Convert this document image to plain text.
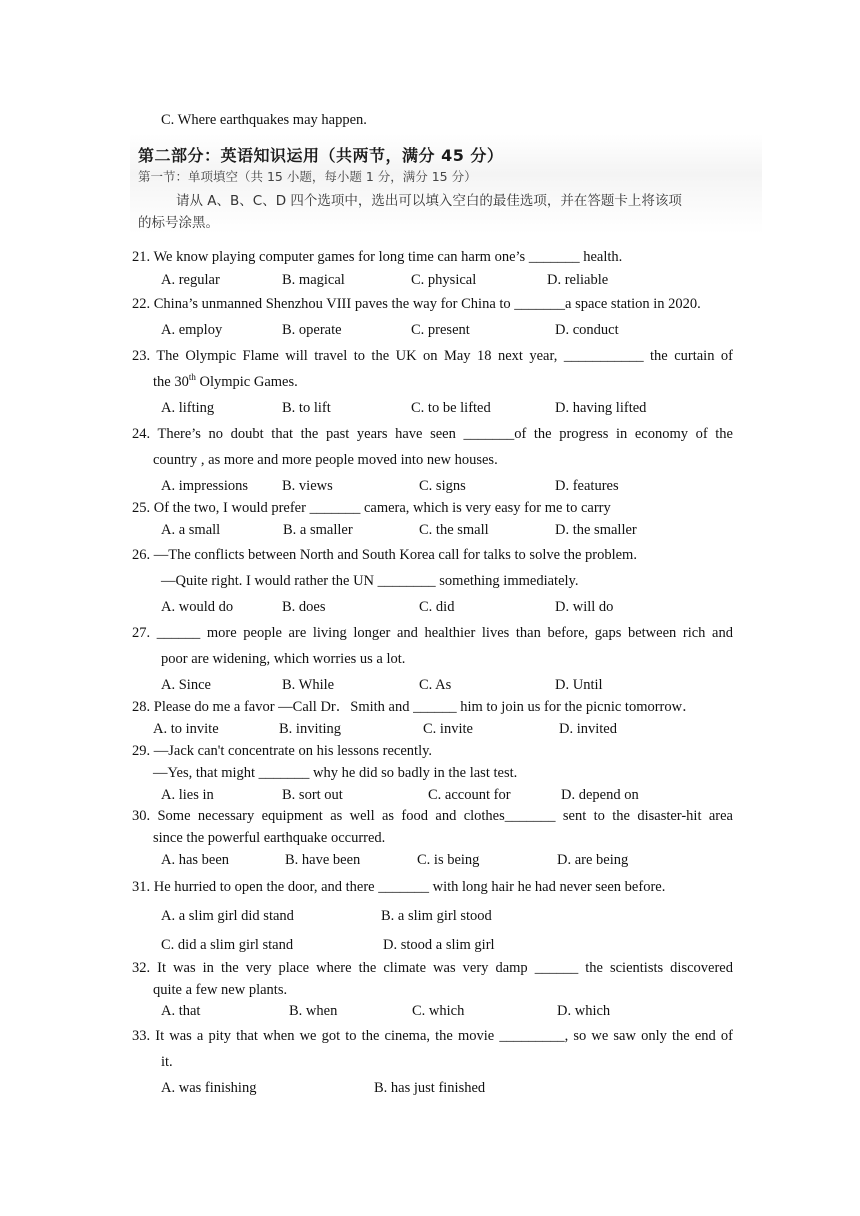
C. Where earthquakes may happen.
第二部分：英语知识运用（共两节，满分 45 分）
第一节：单项填空（共 15 小题，每小题 1 分，满分 15 分）
请从 A、B、C、D 四个选项中，选出可以填入空白的最佳选项，并在答题卡上将该项
的标号涂黑。
21. We know playing computer games for long time can harm one’s _______ health.
A. regular	B. magical	C. physical	D. reliable
22. China’s unmanned Shenzhou VIII paves the way for China to _______a space station in 2020.
A. employ	B. operate	C. present	D. conduct
23. The Olympic Flame will travel to the UK on May 18 next year, ___________ the curtain of
the 30th Olympic Games.
A. lifting	B. to lift	C. to be lifted	D. having lifted
24. There’s no doubt that the past years have seen _______of the progress in economy of the
country , as more and more people moved into new houses.
A. impressions B. views	C. signs	D. features
25. Of the two, I would prefer _______ camera, which is very easy for me to carry
A. a small	B. a smaller	C. the small	D. the smaller
26. —The conflicts between North and South Korea call for talks to solve the problem.
—Quite right. I would rather the UN ________ something immediately.
A. would do	B. does	C. did	D. will do
27. ______ more people are living longer and healthier lives than before, gaps between rich and
poor are widening, which worries us a lot.
A. Since	B. While	C. As	D. Until
28. Please do me a favor —Call Dr．Smith and ______ him to join us for the picnic tomorrow．
A. to invite	B. inviting	C. invite	D. invited
29. —Jack can't concentrate on his lessons recently.
—Yes, that might _______ why he did so badly in the last test.
A. lies in	B. sort out	C. account for	D. depend on
30. Some necessary equipment as well as food and clothes_______ sent to the disaster-hit area
since the powerful earthquake occurred.
A. has been	B. have been	C. is being	D. are being
31. He hurried to open the door, and there _______ with long hair he had never seen before.
A. a slim girl did stand	B. a slim girl stood
C. did a slim girl stand	D. stood a slim girl
32. It was in the very place where the climate was very damp ______ the scientists discovered
quite a few new plants.
A. that	B. when	C. which	D. which
33. It was a pity that when we got to the cinema, the movie _________, so we saw only the end of
it.
A. was finishing	B. has just finished
